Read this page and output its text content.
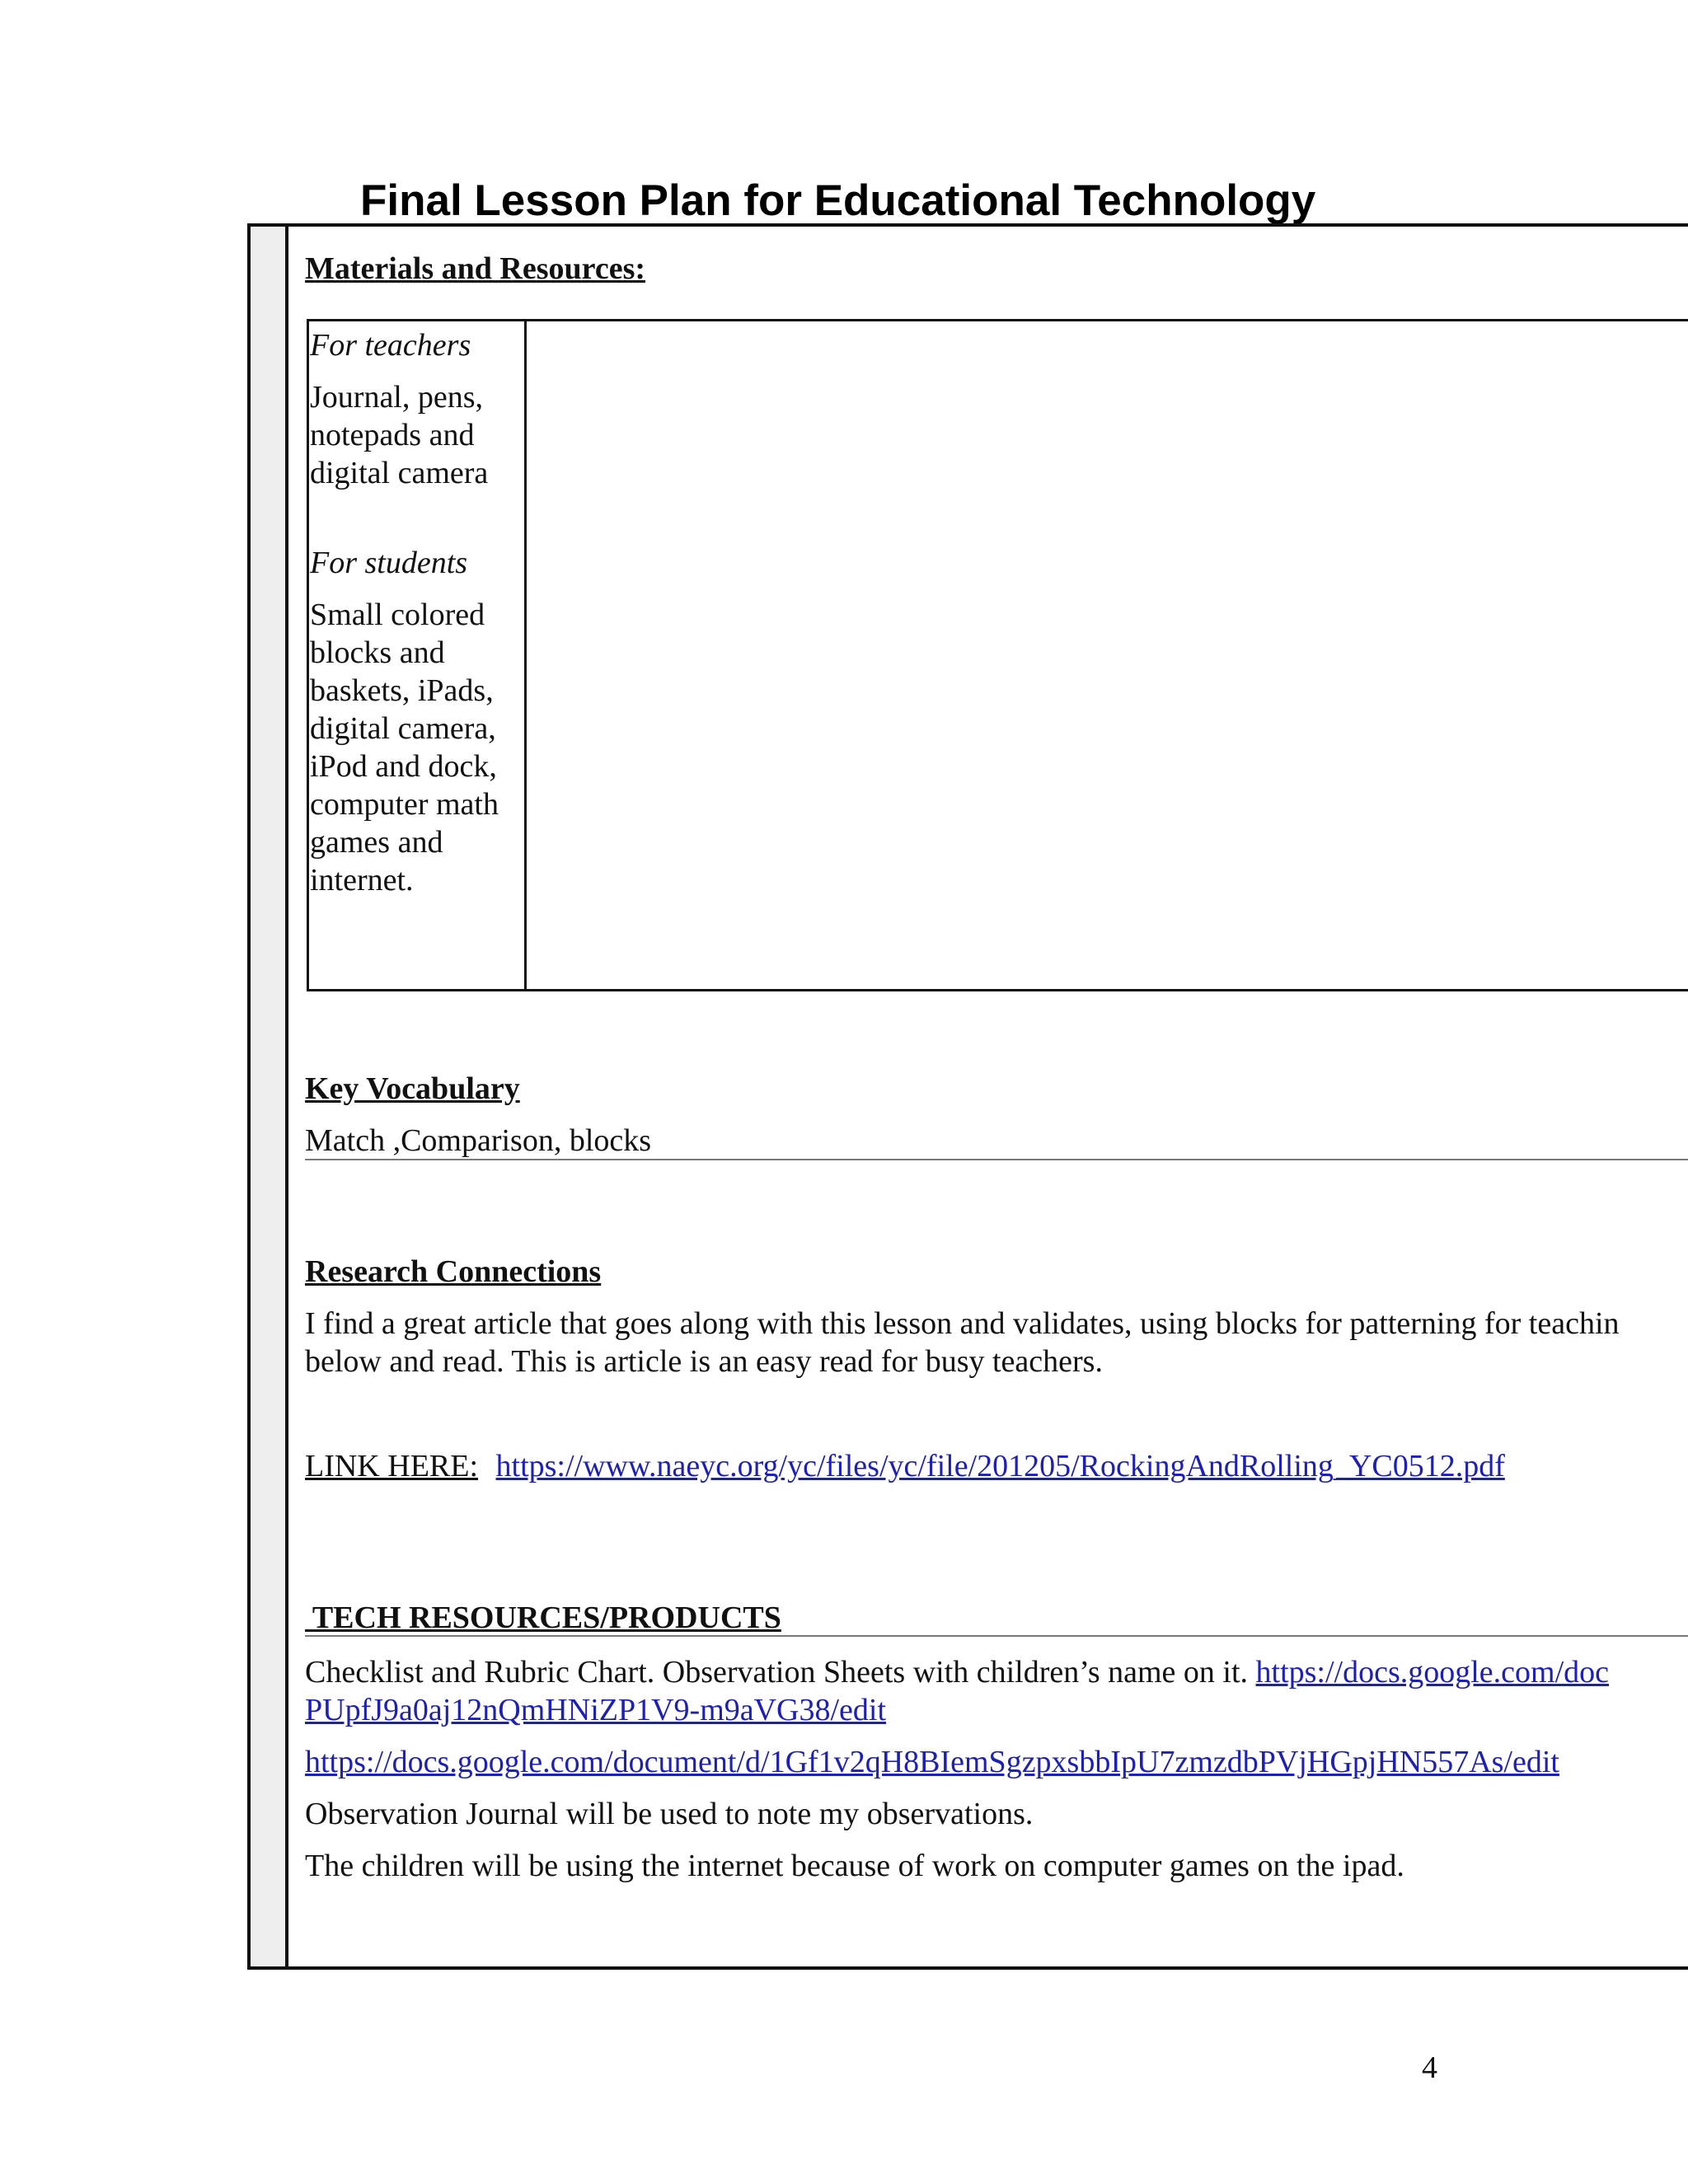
Final Lesson Plan for Educational Technology
Materials and Resources:
For teachers
Journal, pens,
notepads and
digital camera
For students
Small colored
blocks and
baskets, iPads,
digital camera,
iPod and dock,
computer math
games and
internet.
Key Vocabulary
Match ,Comparison, blocks
Research Connections
I find a great article that goes along with this lesson and validates, using blocks for patterning for teachin
below and read. This is article is an easy read for busy teachers.
LINK HERE: https://www.naeyc.org/yc/files/yc/file/201205/RockingAndRolling_YC0512.pdf
TECH RESOURCES/PRODUCTS
Checklist and Rubric Chart. Observation Sheets with children’s name on it. https://docs.google.com/doc
PUpfJ9a0aj12nQmHNiZP1V9-m9aVG38/edit
https://docs.google.com/document/d/1Gf1v2qH8BIemSgzpxsbbIpU7zmzdbPVjHGpjHN557As/edit
Observation Journal will be used to note my observations.
The children will be using the internet because of work on computer games on the ipad.
4
